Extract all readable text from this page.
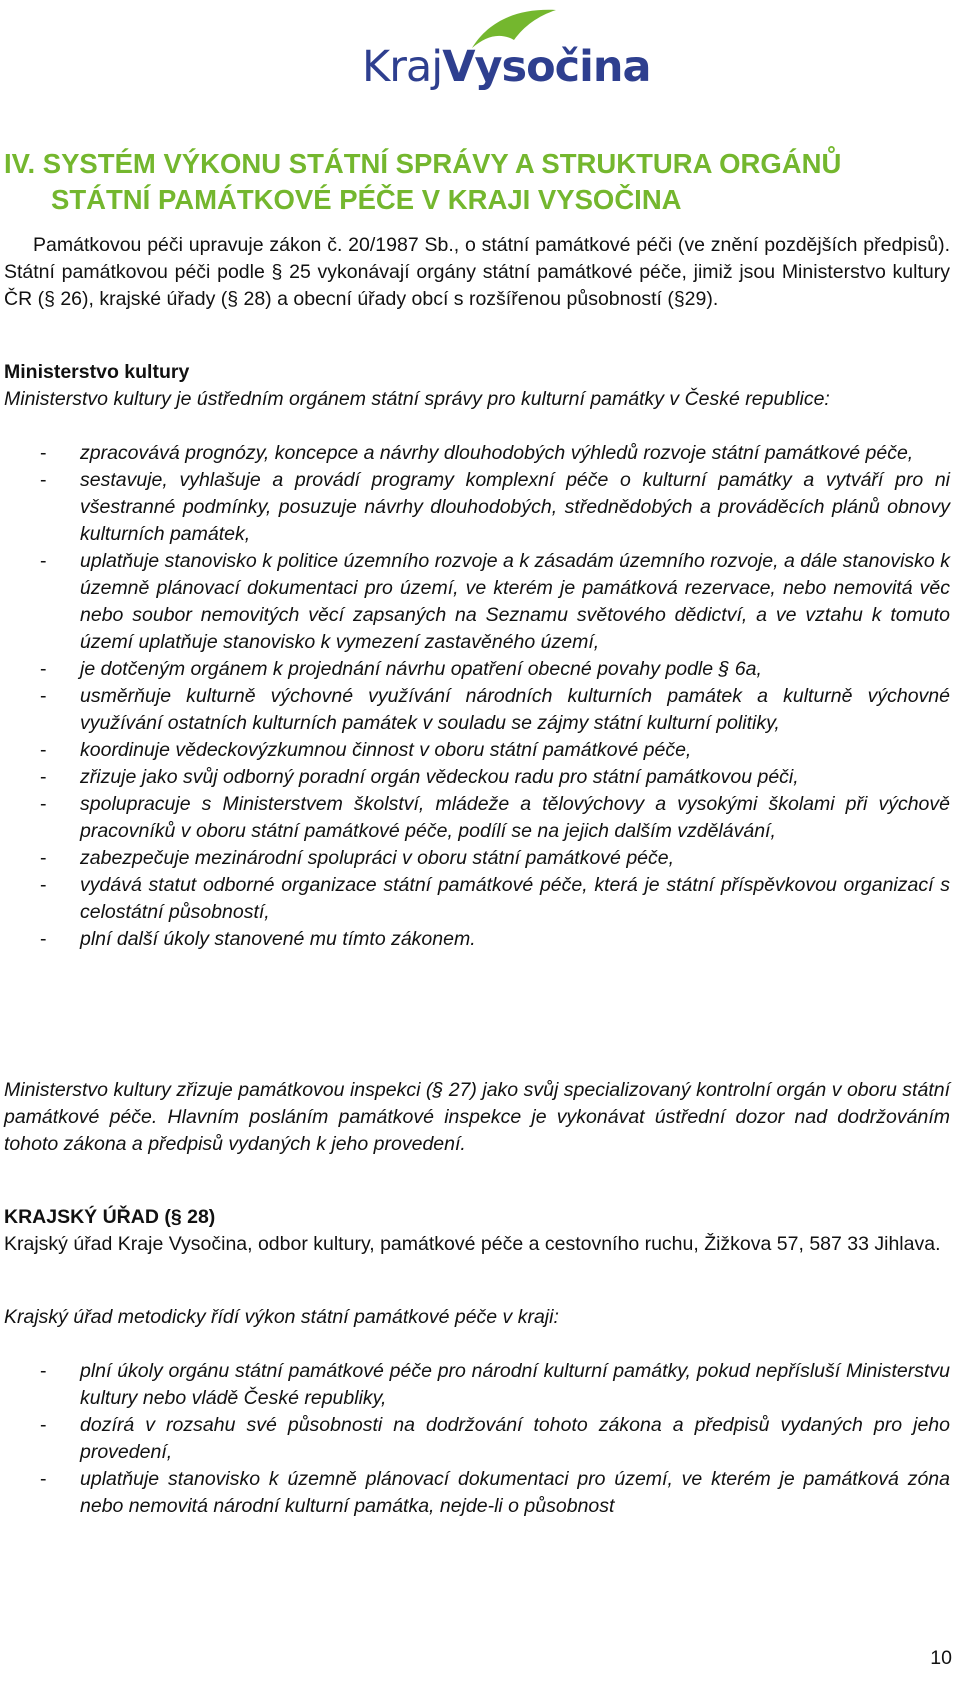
KrajVysočina
IV. SYSTÉM VÝKONU STÁTNÍ SPRÁVY A STRUKTURA ORGÁNŮ
STÁTNÍ PAMÁTKOVÉ PÉČE V KRAJI VYSOČINA

Památkovou péči upravuje zákon č. 20/1987 Sb., o státní památkové péči (ve znění pozdějších předpisů). Státní památkovou péči podle § 25 vykonávají orgány státní památkové péče, jimiž jsou Ministerstvo kultury ČR (§ 26), krajské úřady (§ 28) a obecní úřady obcí s rozšířenou působností (§29).

Ministerstvo kultury

Ministerstvo kultury je ústředním orgánem státní správy pro kulturní památky v České republice:

- zpracovává prognózy, koncepce a návrhy dlouhodobých výhledů rozvoje státní památkové péče,
- sestavuje, vyhlašuje a provádí programy komplexní péče o kulturní památky a vytváří pro ni všestranné podmínky, posuzuje návrhy dlouhodobých, střednědobých a prováděcích plánů obnovy kulturních památek,
- uplatňuje stanovisko k politice územního rozvoje a k zásadám územního rozvoje, a dále stanovisko k územně plánovací dokumentaci pro území, ve kterém je památková rezervace, nebo nemovitá věc nebo soubor nemovitých věcí zapsaných na Seznamu světového dědictví, a ve vztahu k tomuto území uplatňuje stanovisko k vymezení zastavěného území,
- je dotčeným orgánem k projednání návrhu opatření obecné povahy podle § 6a,
- usměrňuje kulturně výchovné využívání národních kulturních památek a kulturně výchovné využívání ostatních kulturních památek v souladu se zájmy státní kulturní politiky,
- koordinuje vědeckovýzkumnou činnost v oboru státní památkové péče,
- zřizuje jako svůj odborný poradní orgán vědeckou radu pro státní památkovou péči,
- spolupracuje s Ministerstvem školství, mládeže a tělovýchovy a vysokými školami při výchově pracovníků v oboru státní památkové péče, podílí se na jejich dalším vzdělávání,
- zabezpečuje mezinárodní spolupráci v oboru státní památkové péče,
- vydává statut odborné organizace státní památkové péče, která je státní příspěvkovou organizací s celostátní působností,
- plní další úkoly stanovené mu tímto zákonem.

Ministerstvo kultury zřizuje památkovou inspekci (§ 27) jako svůj specializovaný kontrolní orgán v oboru státní památkové péče. Hlavním posláním památkové inspekce je vykonávat ústřední dozor nad dodržováním tohoto zákona a předpisů vydaných k jeho provedení.

KRAJSKÝ ÚŘAD (§ 28)

Krajský úřad Kraje Vysočina, odbor kultury, památkové péče a cestovního ruchu, Žižkova 57, 587 33 Jihlava.

Krajský úřad metodicky řídí výkon státní památkové péče v kraji:

- plní úkoly orgánu státní památkové péče pro národní kulturní památky, pokud nepřísluší Ministerstvu kultury nebo vládě České republiky,
- dozírá v rozsahu své působnosti na dodržování tohoto zákona a předpisů vydaných pro jeho provedení,
- uplatňuje stanovisko k územně plánovací dokumentaci pro území, ve kterém je památková zóna nebo nemovitá národní kulturní památka, nejde-li o působnost
10
